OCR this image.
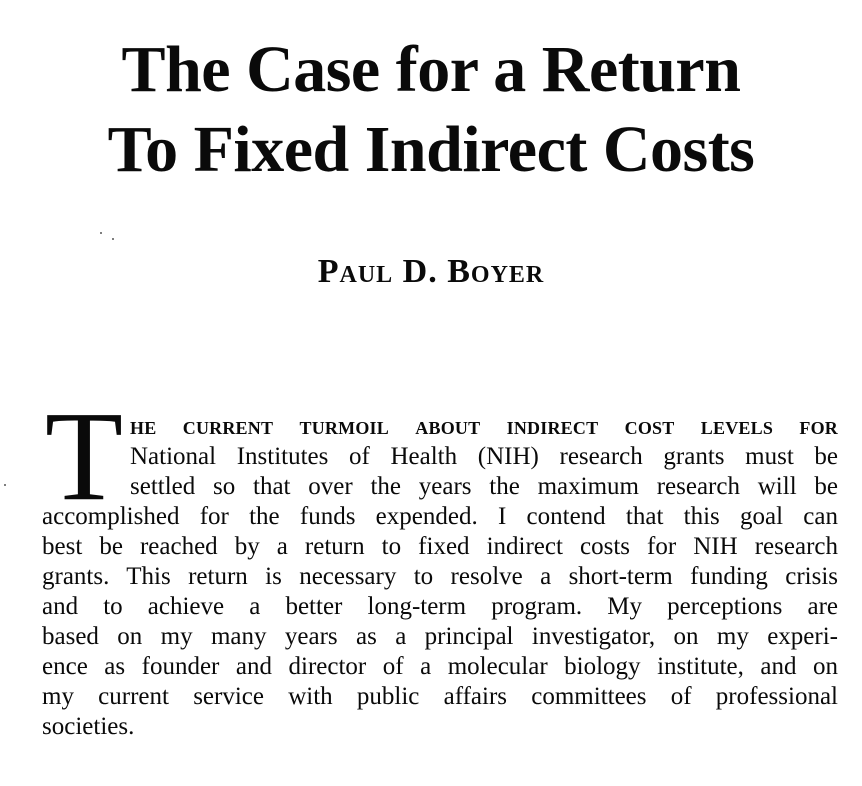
The Case for a Return
To Fixed Indirect Costs
Paul D. Boyer
T he current turmoil about indirect cost levels for
National Institutes of Health (NIH) research grants must be
settled so that over the years the maximum research will be
accomplished for the funds expended. I contend that this goal can
best be reached by a return to fixed indirect costs for NIH research
grants. This return is necessary to resolve a short-term funding crisis
and to achieve a better long-term program. My perceptions are
based on my many years as a principal investigator, on my experi-
ence as founder and director of a molecular biology institute, and on
my current service with public affairs committees of professional
societies.
